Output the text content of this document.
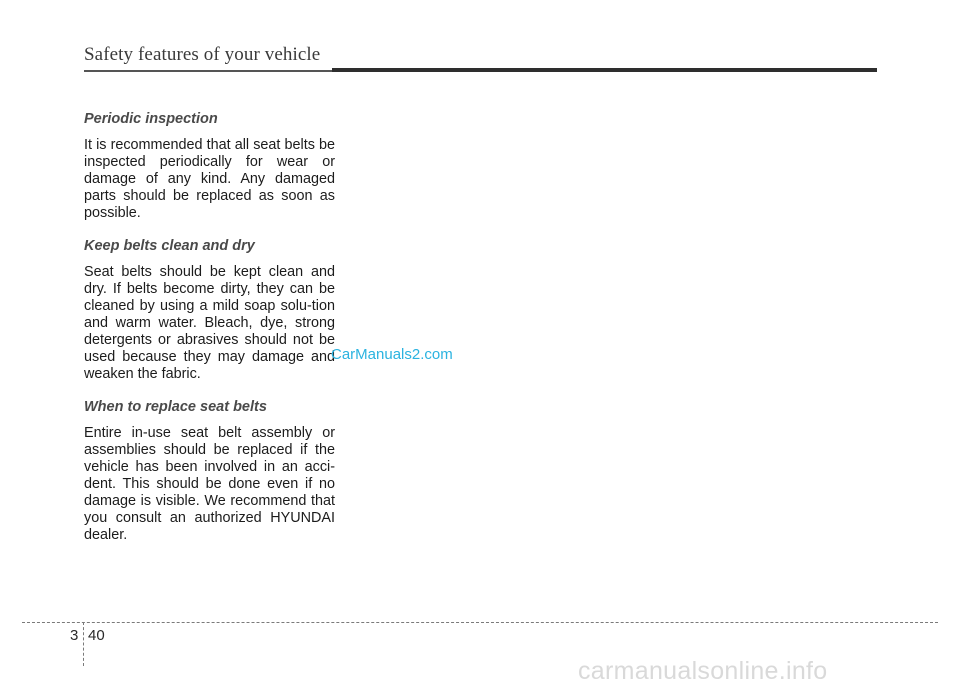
Safety features of your vehicle
Periodic inspection

It is recommended that all seat belts be inspected periodically for wear or damage of any kind. Any damaged parts should be replaced as soon as possible.

Keep belts clean and dry

Seat belts should be kept clean and dry. If belts become dirty, they can be cleaned by using a mild soap solu-tion and warm water. Bleach, dye, strong detergents or abrasives should not be used because they may damage and weaken the fabric.

When to replace seat belts

Entire in-use seat belt assembly or assemblies should be replaced if the vehicle has been involved in an acci-dent. This should be done even if no damage is visible. We recommend that you consult an authorized HYUNDAI dealer.

CarManuals2.com
3 40
carmanualsonline.info
